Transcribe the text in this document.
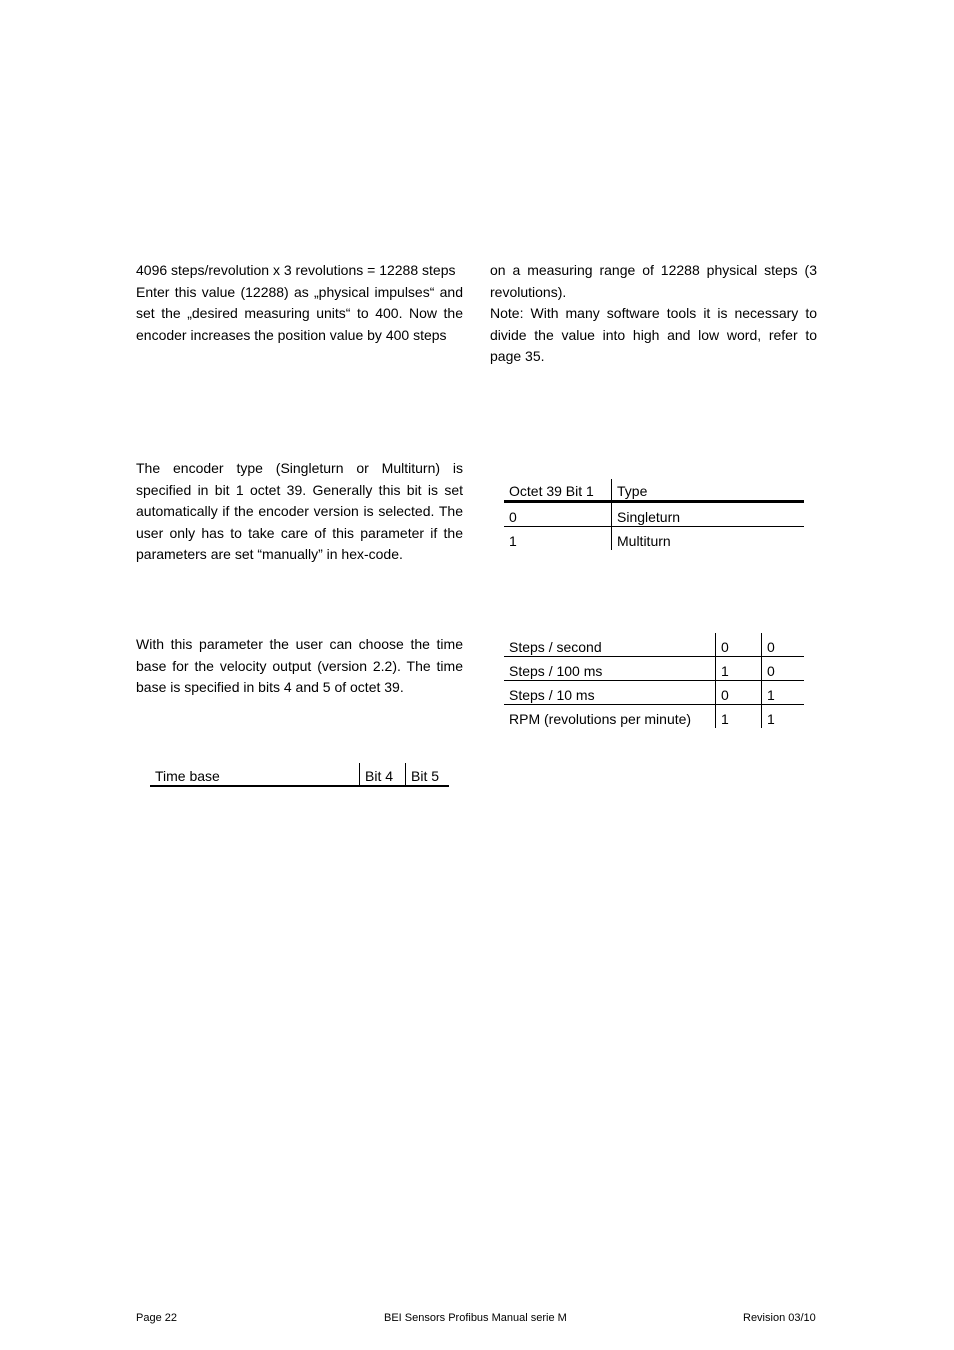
4096 steps/revolution x 3 revolutions = 12288 steps

Enter this value (12288) as „physical impulses“ and set the „desired measuring units“ to 400. Now the encoder increases the position value by 400 steps

on a measuring range of 12288 physical steps (3 revolutions).

Note: With many software tools it is necessary to divide the value into high and low word, refer to page 35.

The encoder type (Singleturn or Multiturn) is specified in bit 1 octet 39. Generally this bit is set automatically if the encoder version is selected. The user only has to take care of this parameter if the parameters are set “manually” in hex-code.

Octet 39 Bit 1	Type
0	Singleturn
1	Multiturn

With this parameter the user can choose the time base for the velocity output (version 2.2). The time base is specified in bits 4 and 5 of octet 39.

Steps / second	0	0
Steps / 100 ms	1	0
Steps / 10 ms	0	1
RPM (revolutions per minute)	1	1
Time base	Bit 4	Bit 5
Page 22	BEI Sensors Profibus Manual serie M	Revision 03/10
